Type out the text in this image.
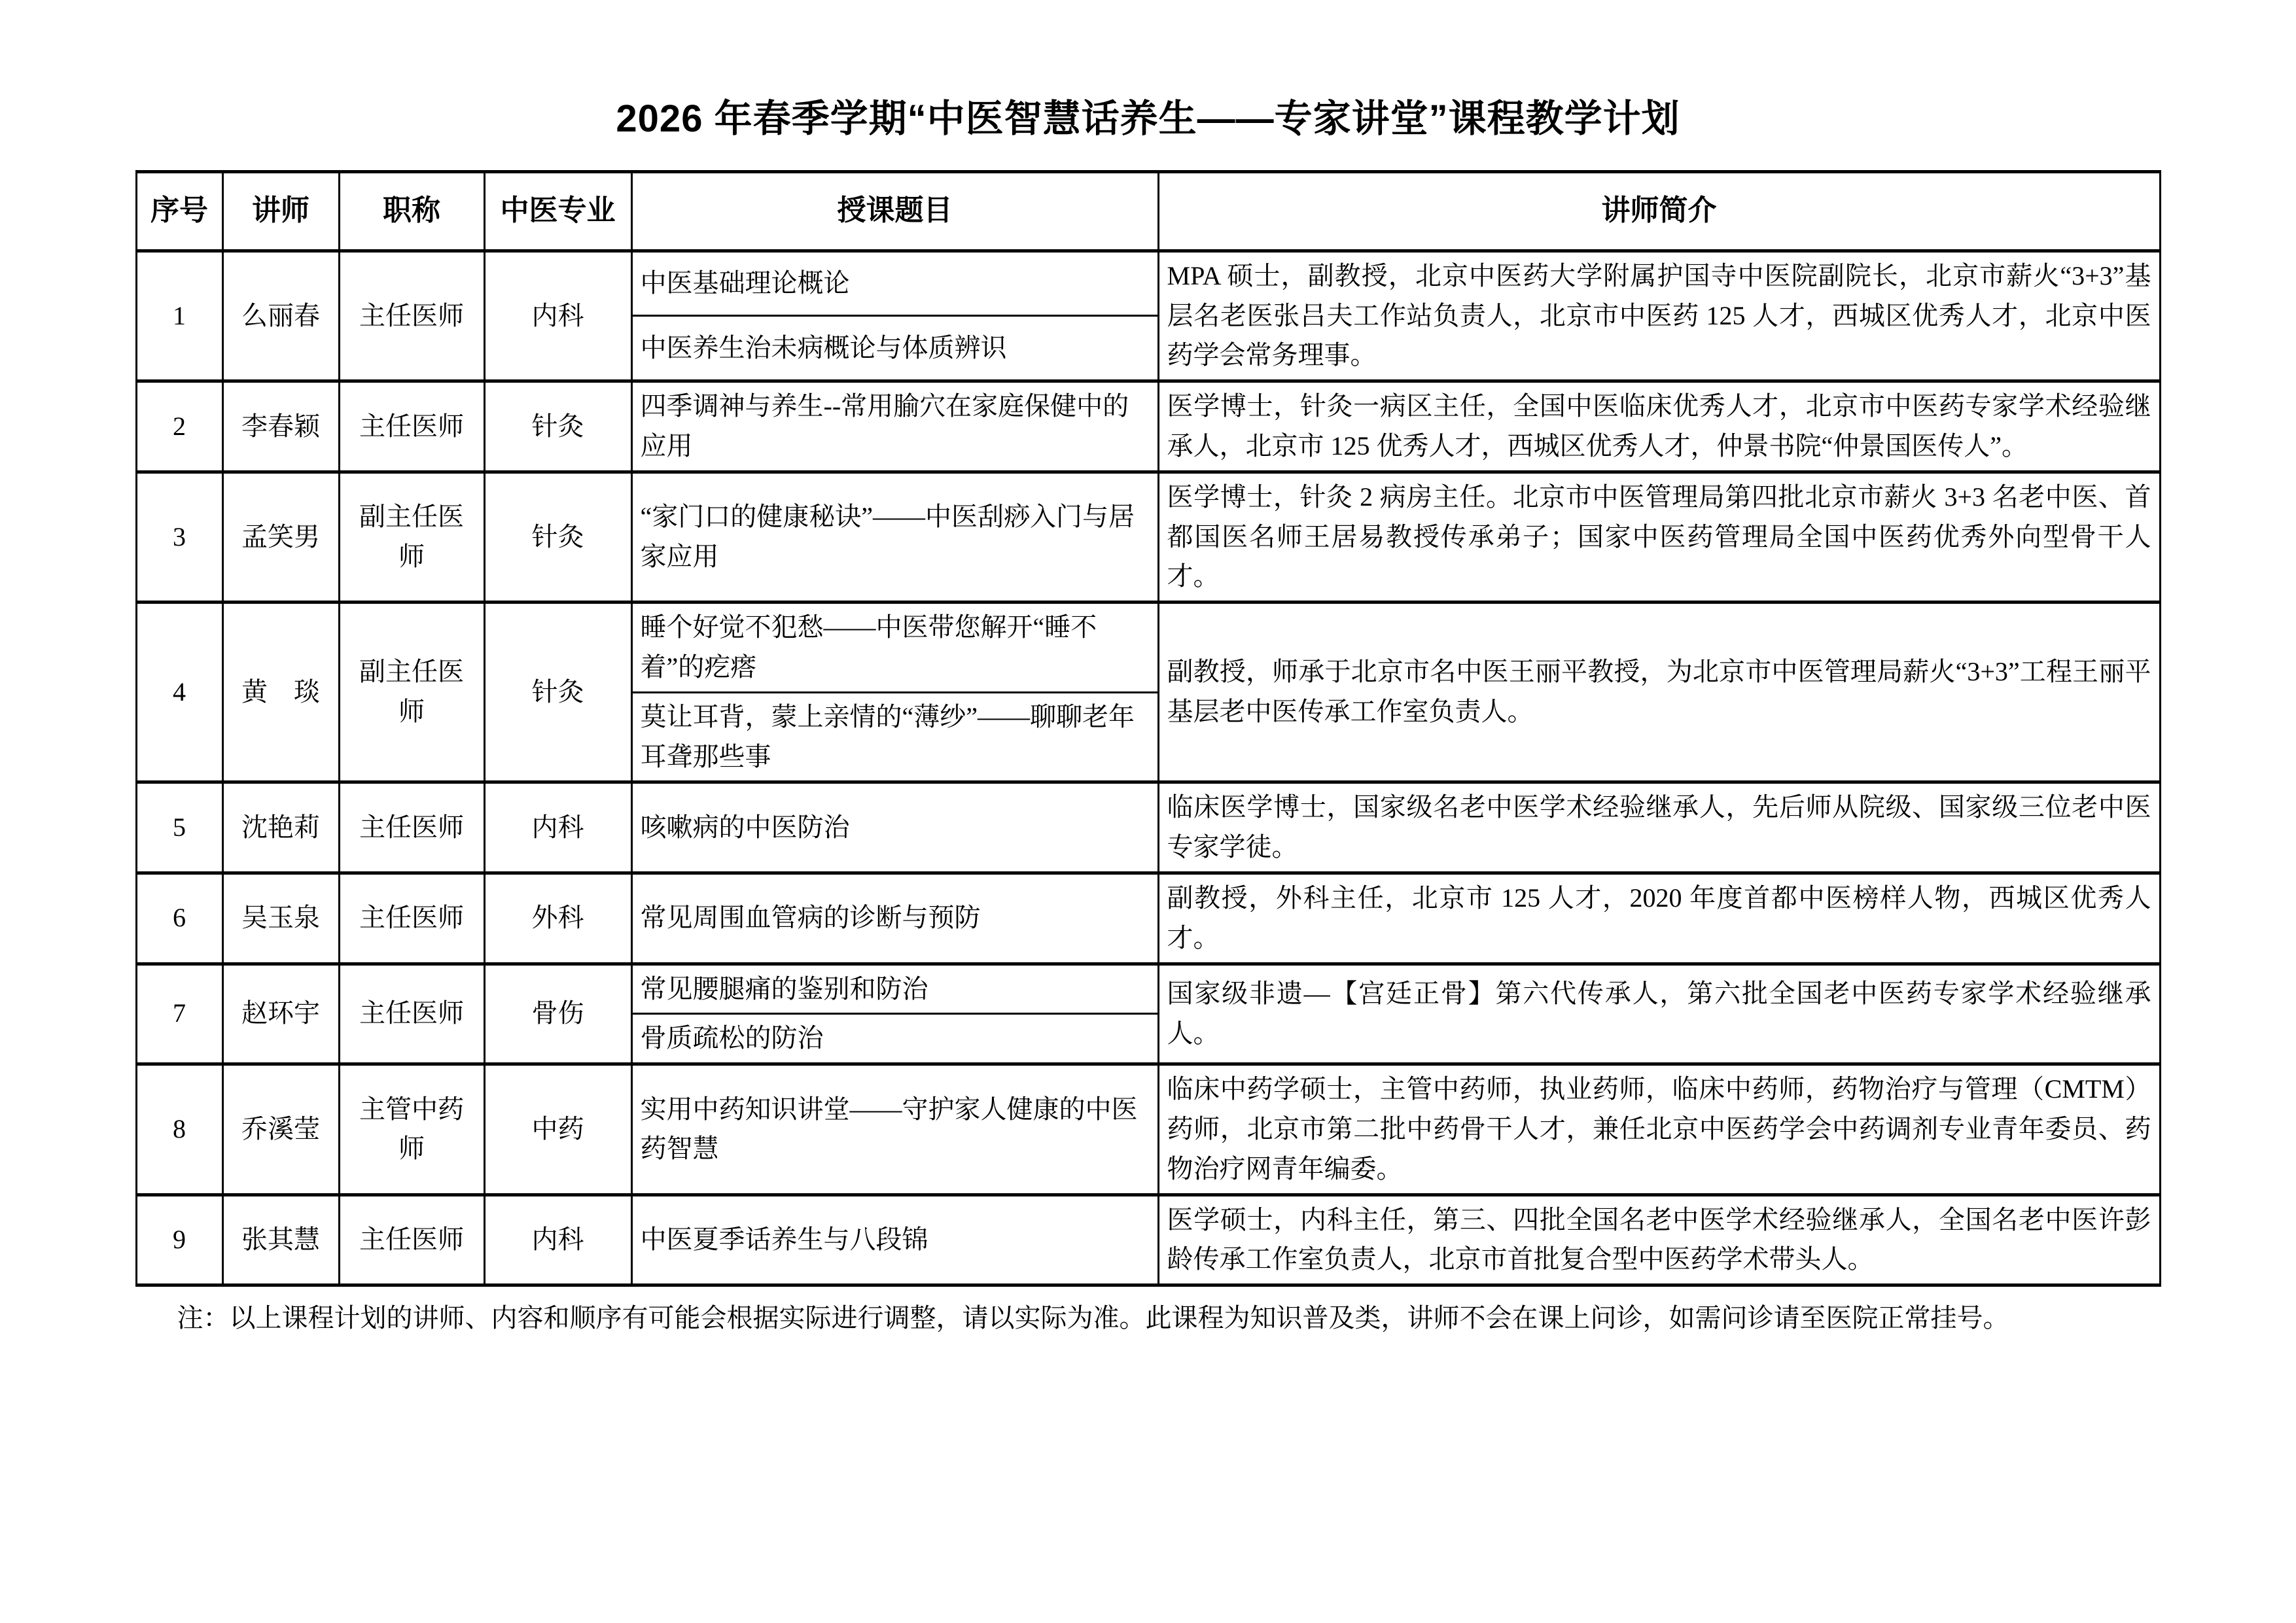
2026 年春季学期“中医智慧话养生——专家讲堂”课程教学计划
序号	讲师	职称	中医专业	授课题目	讲师简介
1	么丽春	主任医师	内科	中医基础理论概论	MPA 硕士，副教授，北京中医药大学附属护国寺中医院副院长，北京市薪火“3+3”基层名老医张吕夫工作站负责人，北京市中医药 125 人才，西城区优秀人才，北京中医药学会常务理事。
				中医养生治未病概论与体质辨识	
2	李春颖	主任医师	针灸	四季调神与养生--常用腧穴在家庭保健中的应用	医学博士，针灸一病区主任，全国中医临床优秀人才，北京市中医药专家学术经验继承人，北京市 125 优秀人才，西城区优秀人才，仲景书院“仲景国医传人”。
3	孟笑男	副主任医师	针灸	“家门口的健康秘诀”——中医刮痧入门与居家应用	医学博士，针灸 2 病房主任。北京市中医管理局第四批北京市薪火 3+3 名老中医、首都国医名师王居易教授传承弟子；国家中医药管理局全国中医药优秀外向型骨干人才。
4	黄　琰	副主任医师	针灸	睡个好觉不犯愁——中医带您解开“睡不着”的疙瘩	副教授，师承于北京市名中医王丽平教授，为北京市中医管理局薪火“3+3”工程王丽平基层老中医传承工作室负责人。
				莫让耳背，蒙上亲情的“薄纱”——聊聊老年耳聋那些事	
5	沈艳莉	主任医师	内科	咳嗽病的中医防治	临床医学博士，国家级名老中医学术经验继承人，先后师从院级、国家级三位老中医专家学徒。
6	吴玉泉	主任医师	外科	常见周围血管病的诊断与预防	副教授，外科主任，北京市 125 人才，2020 年度首都中医榜样人物，西城区优秀人才。
7	赵环宇	主任医师	骨伤	常见腰腿痛的鉴别和防治	国家级非遗—【宫廷正骨】第六代传承人，第六批全国老中医药专家学术经验继承人。
				骨质疏松的防治	
8	乔溪莹	主管中药师	中药	实用中药知识讲堂——守护家人健康的中医药智慧	临床中药学硕士，主管中药师，执业药师，临床中药师，药物治疗与管理（CMTM）药师，北京市第二批中药骨干人才，兼任北京中医药学会中药调剂专业青年委员、药物治疗网青年编委。
9	张其慧	主任医师	内科	中医夏季话养生与八段锦	医学硕士，内科主任，第三、四批全国名老中医学术经验继承人，全国名老中医许彭龄传承工作室负责人，北京市首批复合型中医药学术带头人。
注：以上课程计划的讲师、内容和顺序有可能会根据实际进行调整，请以实际为准。此课程为知识普及类，讲师不会在课上问诊，如需问诊请至医院正常挂号。
